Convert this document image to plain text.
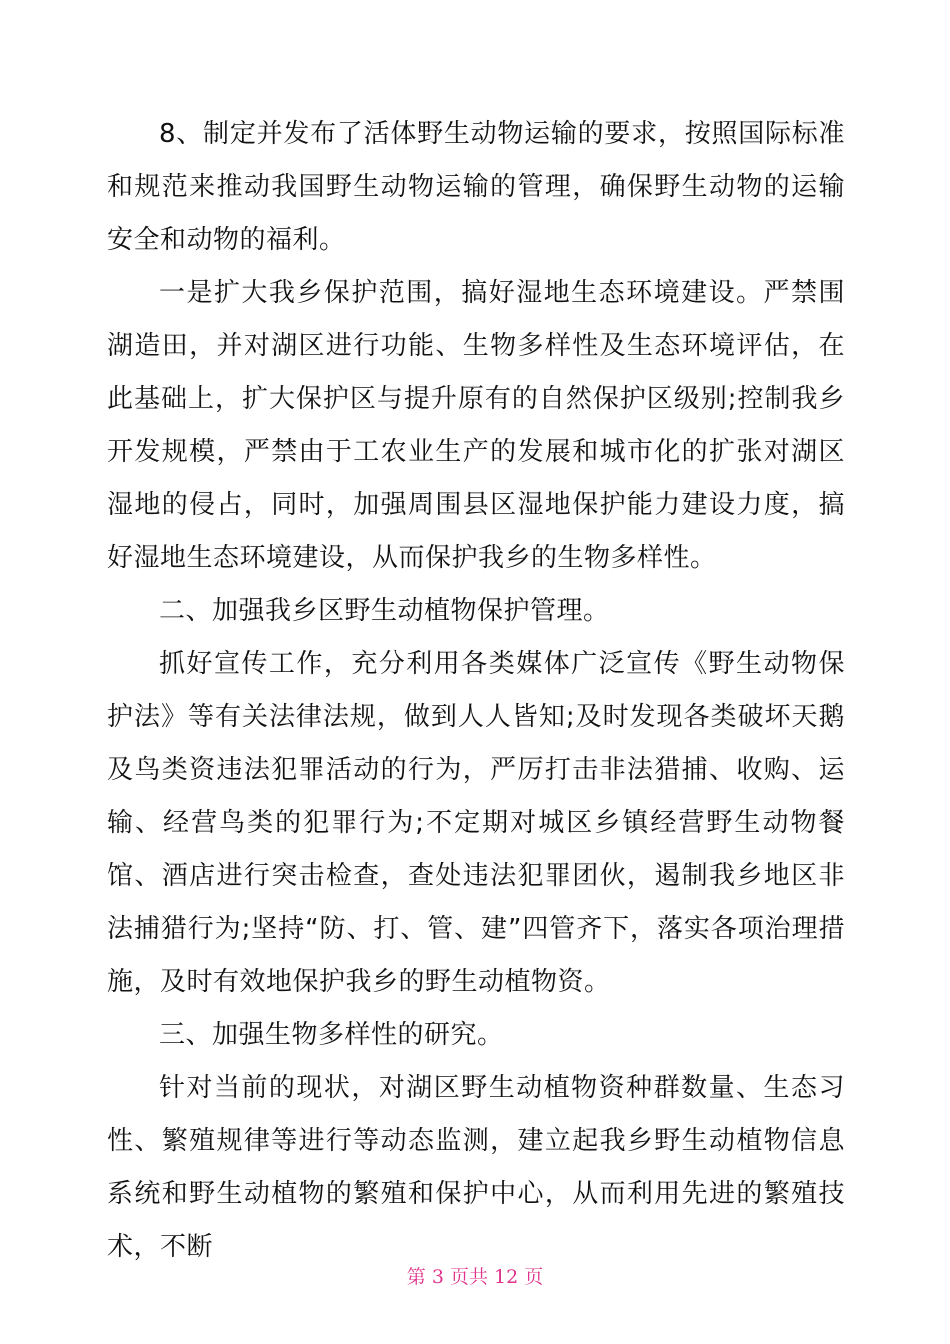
8、制定并发布了活体野生动物运输的要求，按照国际标准和规范来推动我国野生动物运输的管理，确保野生动物的运输安全和动物的福利。

一是扩大我乡保护范围，搞好湿地生态环境建设。严禁围湖造田，并对湖区进行功能、生物多样性及生态环境评估，在此基础上，扩大保护区与提升原有的自然保护区级别;控制我乡开发规模，严禁由于工农业生产的发展和城市化的扩张对湖区湿地的侵占，同时，加强周围县区湿地保护能力建设力度，搞好湿地生态环境建设，从而保护我乡的生物多样性。

二、加强我乡区野生动植物保护管理。

抓好宣传工作，充分利用各类媒体广泛宣传《野生动物保护法》等有关法律法规，做到人人皆知;及时发现各类破坏天鹅及鸟类资违法犯罪活动的行为，严厉打击非法猎捕、收购、运输、经营鸟类的犯罪行为;不定期对城区乡镇经营野生动物餐馆、酒店进行突击检查，查处违法犯罪团伙，遏制我乡地区非法捕猎行为;坚持“防、打、管、建”四管齐下，落实各项治理措施，及时有效地保护我乡的野生动植物资。

三、加强生物多样性的研究。

针对当前的现状，对湖区野生动植物资种群数量、生态习性、繁殖规律等进行等动态监测，建立起我乡野生动植物信息系统和野生动植物的繁殖和保护中心，从而利用先进的繁殖技术，不断

第 3 页共 12 页
